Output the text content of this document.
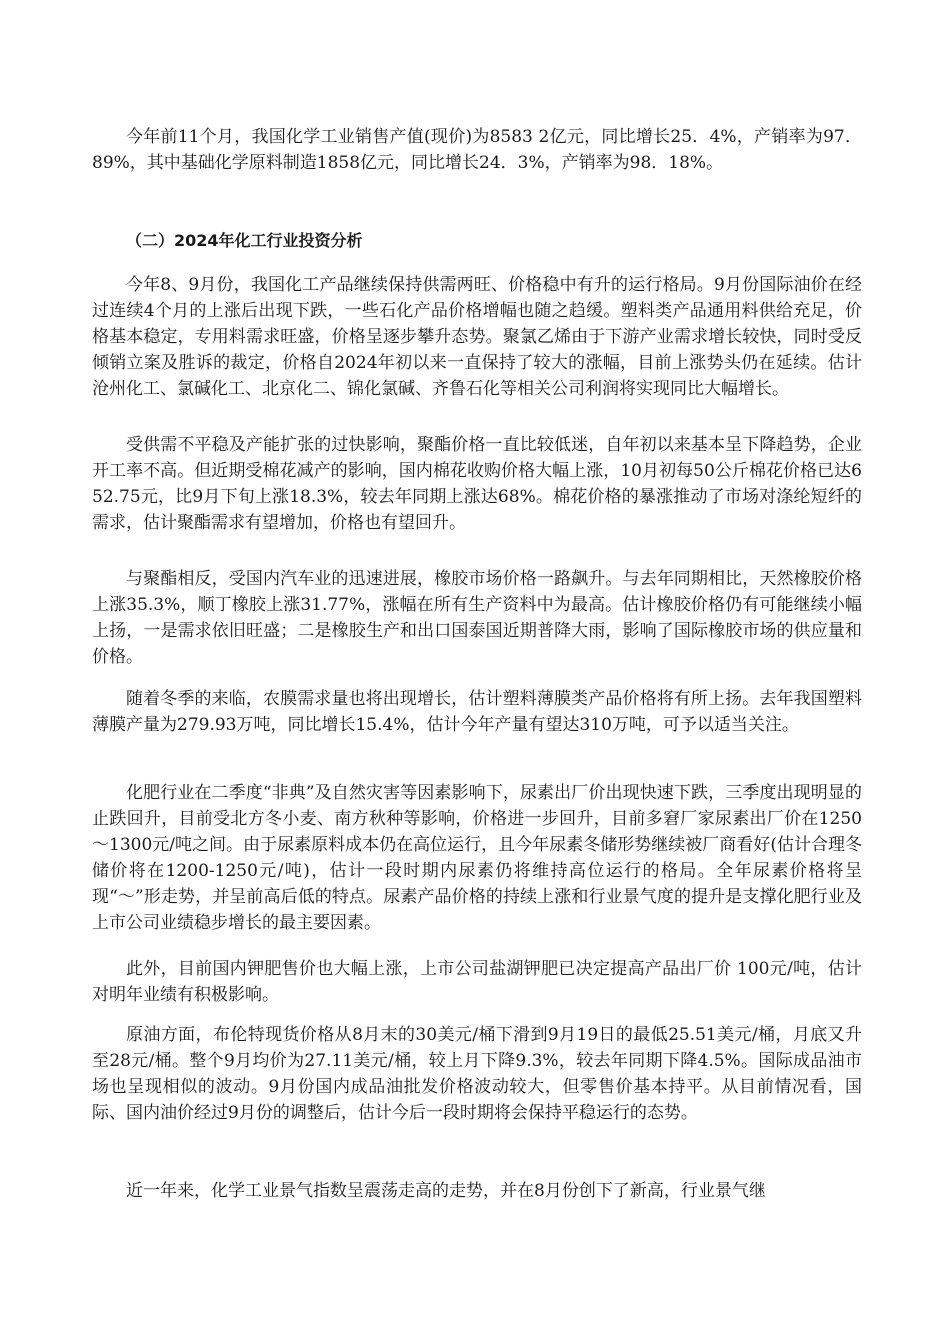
今年前11个月，我国化学工业销售产值(现价)为8583 2亿元，同比增长25．4%，产销率为97．89%，其中基础化学原料制造1858亿元，同比增长24．3%，产销率为98．18%。

（二）2024年化工行业投资分析

今年8、9月份，我国化工产品继续保持供需两旺、价格稳中有升的运行格局。9月份国际油价在经过连续4个月的上涨后出现下跌，一些石化产品价格增幅也随之趋缓。塑料类产品通用料供给充足，价格基本稳定，专用料需求旺盛，价格呈逐步攀升态势。聚氯乙烯由于下游产业需求增长较快，同时受反倾销立案及胜诉的裁定，价格自2024年初以来一直保持了较大的涨幅，目前上涨势头仍在延续。估计沧州化工、氯碱化工、北京化二、锦化氯碱、齐鲁石化等相关公司利润将实现同比大幅增长。

受供需不平稳及产能扩张的过快影响，聚酯价格一直比较低迷，自年初以来基本呈下降趋势，企业开工率不高。但近期受棉花减产的影响，国内棉花收购价格大幅上涨，10月初每50公斤棉花价格已达652.75元，比9月下旬上涨18.3%，较去年同期上涨达68%。棉花价格的暴涨推动了市场对涤纶短纤的需求，估计聚酯需求有望增加，价格也有望回升。

与聚酯相反，受国内汽车业的迅速进展，橡胶市场价格一路飙升。与去年同期相比，天然橡胶价格上涨35.3%，顺丁橡胶上涨31.77%，涨幅在所有生产资料中为最高。估计橡胶价格仍有可能继续小幅上扬，一是需求依旧旺盛；二是橡胶生产和出口国泰国近期普降大雨，影响了国际橡胶市场的供应量和价格。

随着冬季的来临，农膜需求量也将出现增长，估计塑料薄膜类产品价格将有所上扬。去年我国塑料薄膜产量为279.93万吨，同比增长15.4%，估计今年产量有望达310万吨，可予以适当关注。

化肥行业在二季度“非典”及自然灾害等因素影响下，尿素出厂价出现快速下跌，三季度出现明显的止跌回升，目前受北方冬小麦、南方秋种等影响，价格进一步回升，目前多窘厂家尿素出厂价在1250～1300元/吨之间。由于尿素原料成本仍在高位运行，且今年尿素冬储形势继续被厂商看好(估计合理冬储价将在1200-1250元/吨)，估计一段时期内尿素仍将维持高位运行的格局。全年尿素价格将呈现“～”形走势，并呈前高后低的特点。尿素产品价格的持续上涨和行业景气度的提升是支撑化肥行业及上市公司业绩稳步增长的最主要因素。

此外，目前国内钾肥售价也大幅上涨，上市公司盐湖钾肥已决定提高产品出厂价 100元/吨，估计对明年业绩有积极影响。

原油方面，布伦特现货价格从8月末的30美元/桶下滑到9月19日的最低25.51美元/桶，月底又升至28元/桶。整个9月均价为27.11美元/桶，较上月下降9.3%，较去年同期下降4.5%。国际成品油市场也呈现相似的波动。9月份国内成品油批发价格波动较大，但零售价基本持平。从目前情况看，国际、国内油价经过9月份的调整后，估计今后一段时期将会保持平稳运行的态势。

近一年来，化学工业景气指数呈震荡走高的走势，并在8月份创下了新高，行业景气继
